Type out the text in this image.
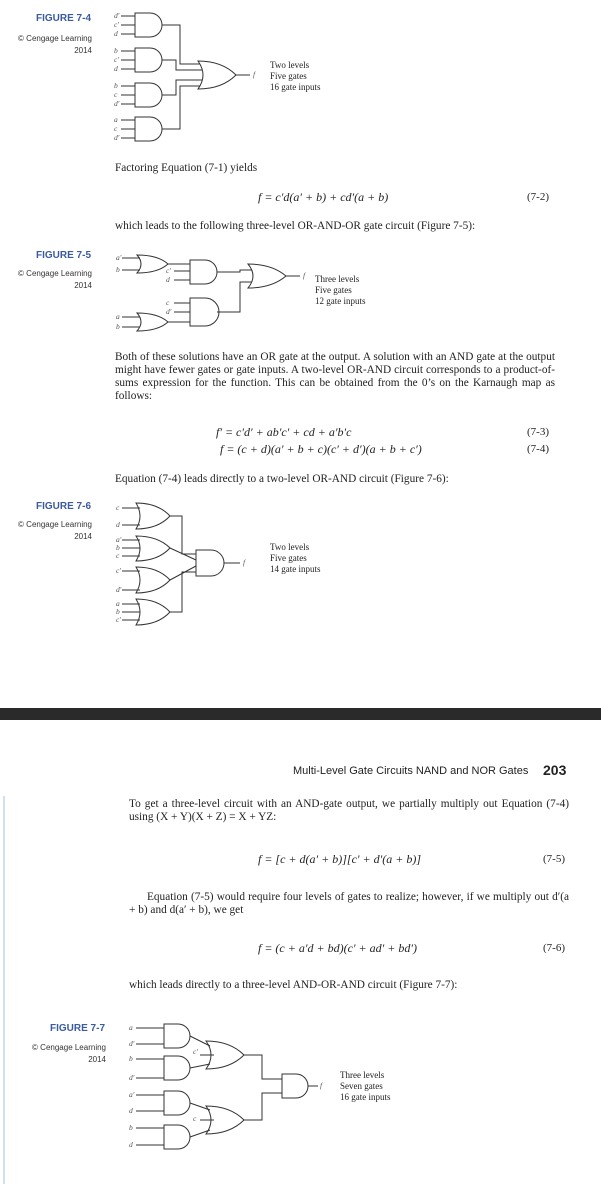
FIGURE 7-4
© Cengage Learning
2014
d′
c′
d
b
c′
d
b
c
d′
a
c
d′
f
Two levels
Five gates
16 gate inputs
Factoring Equation (7-1) yields
f = c′d(a′ + b) + cd′(a + b)	(7-2)
which leads to the following three-level OR-AND-OR gate circuit (Figure 7-5):
FIGURE 7-5
© Cengage Learning
2014
a′
b	c′
d
a
b
c
d′
f Three levels
Five gates
12 gate inputs
Both of these solutions have an OR gate at the output. A solution with an AND gate at the output might have fewer gates or gate inputs. A two-level OR-AND circuit corresponds to a product-of-sums expression for the function. This can be obtained from the 0’s on the Karnaugh map as follows:
f′ = c′d′ + ab′c′ + cd + a′b′c	(7-3)
f = (c + d)(a′ + b + c)(c′ + d′)(a + b + c′)	(7-4)
Equation (7-4) leads directly to a two-level OR-AND circuit (Figure 7-6):
FIGURE 7-6
© Cengage Learning
2014
c
d
a′
b
c
c′
d′
a
b
c′
f
Two levels
Five gates
14 gate inputs
Multi-Level Gate Circuits NAND and NOR Gates 203
To get a three-level circuit with an AND-gate output, we partially multiply out Equation (7-4) using (X + Y)(X + Z) = X + YZ:
f = [c + d(a′ + b)][c′ + d′(a + b)]	(7-5)
Equation (7-5) would require four levels of gates to realize; however, if we multiply out d′(a + b) and d(a′ + b), we get
f = (c + a′d + bd)(c′ + ad′ + bd′)	(7-6)
which leads directly to a three-level AND-OR-AND circuit (Figure 7-7):
FIGURE 7-7
© Cengage Learning
2014
a
d′
b
d′
a′
d
b
d
c′
c
f
Three levels
Seven gates
16 gate inputs
